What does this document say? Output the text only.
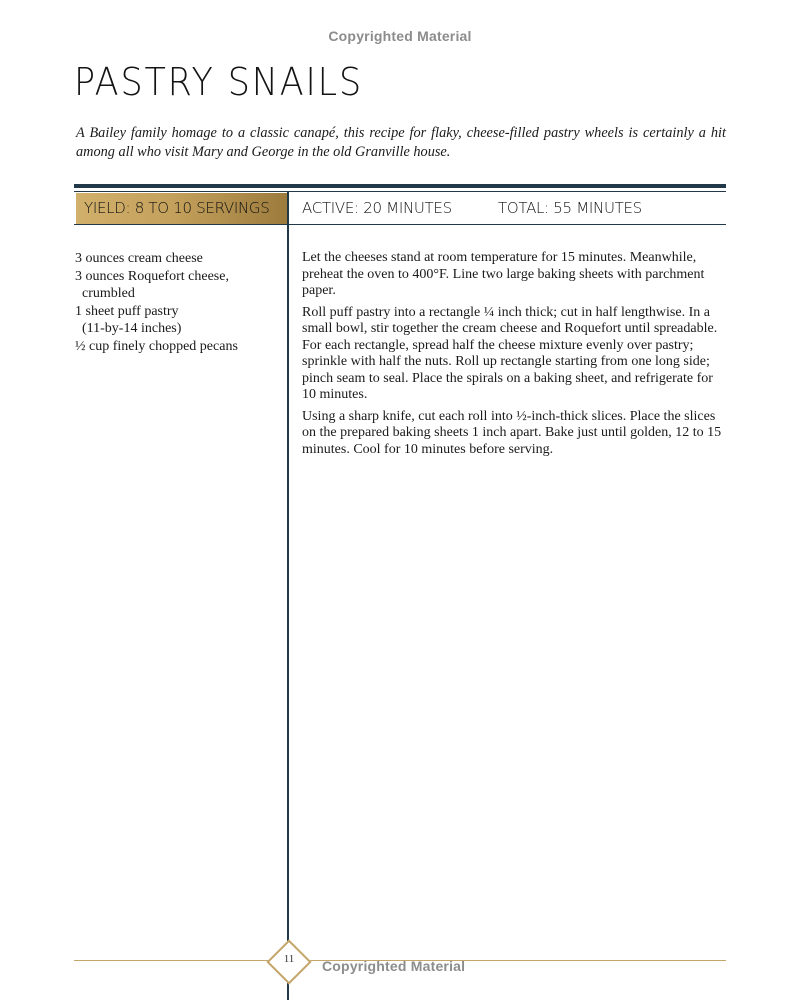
Copyrighted Material
PASTRY SNAILS
A Bailey family homage to a classic canapé, this recipe for flaky, cheese-filled pastry wheels is certainly a hit among all who visit Mary and George in the old Granville house.
YIELD: 8 TO 10 SERVINGS ACTIVE: 20 MINUTES	TOTAL: 55 MINUTES
3 ounces cream cheese
3 ounces Roquefort cheese,
crumbled
1 sheet puff pastry
(11-by-14 inches)
½ cup finely chopped pecans

Let the cheeses stand at room temperature for 15 minutes. Meanwhile, preheat the oven to 400°F. Line two large baking sheets with parchment paper.

Roll puff pastry into a rectangle ¼ inch thick; cut in half lengthwise. In a small bowl, stir together the cream cheese and Roquefort until spreadable. For each rectangle, spread half the cheese mixture evenly over pastry; sprinkle with half the nuts. Roll up rectangle starting from one long side; pinch seam to seal. Place the spirals on a baking sheet, and refrigerate for 10 minutes.

Using a sharp knife, cut each roll into ½-inch-thick slices. Place the slices on the prepared baking sheets 1 inch apart. Bake just until golden, 12 to 15 minutes. Cool for 10 minutes before serving.

11	Copyrighted Material
